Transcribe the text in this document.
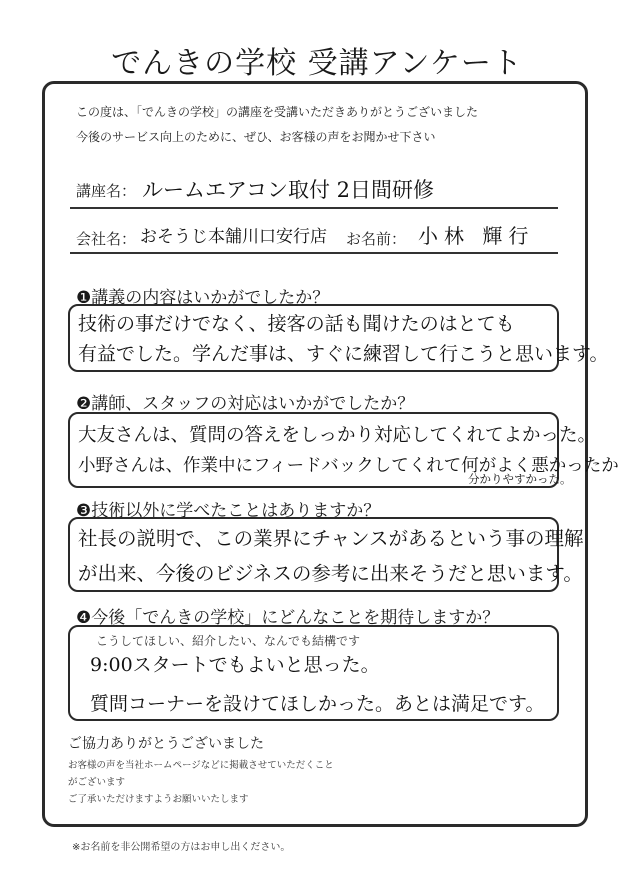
でんきの学校 受講アンケート
この度は、「でんきの学校」の講座を受講いただきありがとうございました
今後のサービス向上のために、ぜひ、お客様の声をお聞かせ下さい
講座名： ルームエアコン取付 2日間研修
会社名： おそうじ本舗川口安行店 お名前： 小林 輝行
❶講義の内容はいかがでしたか？
技術の事だけでなく、接客の話も聞けたのはとても
有益でした。学んだ事は、すぐに練習して行こうと思います。
❷講師、スタッフの対応はいかがでしたか？
大友さんは、質問の答えをしっかり対応してくれてよかった。
小野さんは、作業中にフィードバックしてくれて何がよく悪かったか
分かりやすかった。
❸技術以外に学べたことはありますか？
社長の説明で、この業界にチャンスがあるという事の理解
が出来、今後のビジネスの参考に出来そうだと思います。
❹今後「でんきの学校」にどんなことを期待しますか？
こうしてほしい、紹介したい、なんでも結構です
9:00スタートでもよいと思った。
質問コーナーを設けてほしかった。あとは満足です。
ご協力ありがとうございました
お客様の声を当社ホームページなどに掲載させていただくこと
がございます
ご了承いただけますようお願いいたします
※お名前を非公開希望の方はお申し出ください。
